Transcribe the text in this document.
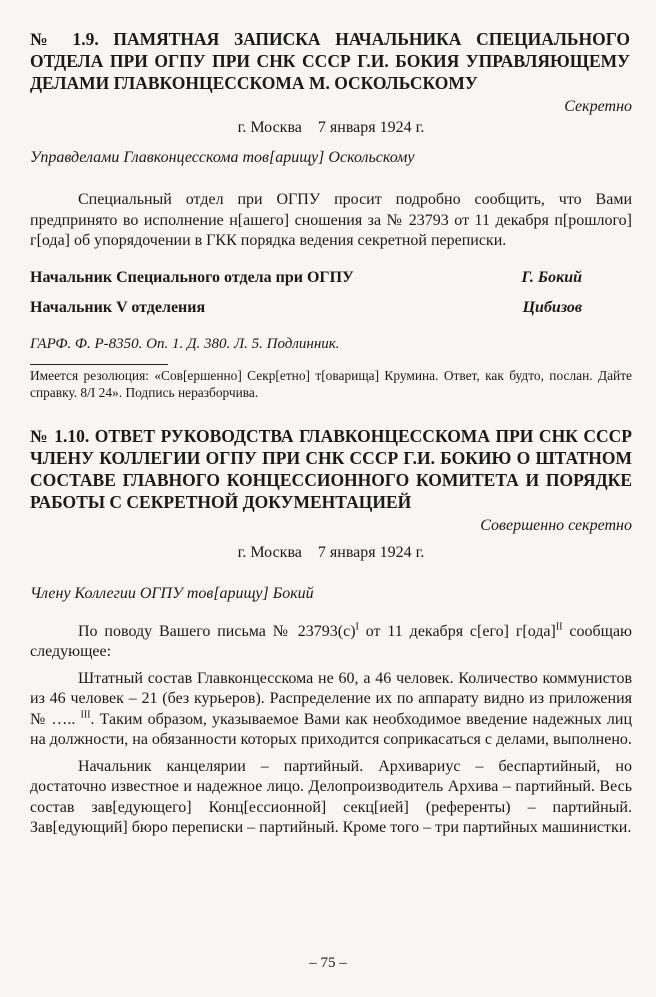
№ 1.9. ПАМЯТНАЯ ЗАПИСКА НАЧАЛЬНИКА СПЕЦИАЛЬНОГО ОТДЕЛА ПРИ ОГПУ ПРИ СНК СССР Г.И. БОКИЯ УПРАВЛЯЮЩЕМУ ДЕЛАМИ ГЛАВКОНЦЕССКОМА М. ОСКОЛЬСКОМУ

Секретно
г. Москва 7 января 1924 г.
Управделами Главконцесскома тов[арищу] Оскольскому

Специальный отдел при ОГПУ просит подробно сообщить, что Вами предпринято во исполнение н[ашего] сношения за № 23793 от 11 декабря п[рошлого] г[ода] об упорядочении в ГКК порядка ведения секретной переписки.

Начальник Специального отдела при ОГПУ	Г. Бокий
Начальник V отделения	Цибизов
ГАРФ. Ф. Р-8350. Оп. 1. Д. 380. Л. 5. Подлинник.
Имеется резолюция: «Сов[ершенно] Секр[етно] т[оварища] Крумина. Ответ, как будто, послан. Дайте справку. 8/I 24». Подпись неразборчива.

№ 1.10. ОТВЕТ РУКОВОДСТВА ГЛАВКОНЦЕССКОМА ПРИ СНК СССР ЧЛЕНУ КОЛЛЕГИИ ОГПУ ПРИ СНК СССР Г.И. БОКИЮ О ШТАТНОМ СОСТАВЕ ГЛАВНОГО КОНЦЕССИОННОГО КОМИТЕТА И ПОРЯДКЕ РАБОТЫ С СЕКРЕТНОЙ ДОКУМЕНТАЦИЕЙ

Совершенно секретно
г. Москва 7 января 1924 г.
Члену Коллегии ОГПУ тов[арищу] Бокий

По поводу Вашего письма № $23793(с)^I$ от 11 декабря с[его] г[ода]$^{II}$ сообщаю следующее:

Штатный состав Главконцесскома не 60, а 46 человек. Количество коммунистов из 46 человек – 21 (без курьеров). Распределение их по аппарату видно из приложения № ….. $^{III}$. Таким образом, указываемое Вами как необходимое введение надежных лиц на должности, на обязанности которых приходится соприкасаться с делами, выполнено.

Начальник канцелярии – партийный. Архивариус – беспартийный, но достаточно известное и надежное лицо. Делопроизводитель Архива – партийный. Весь состав зав[едующего] Конц[ессионной] секц[ией] (референты) – партийный. Зав[едующий] бюро переписки – партийный. Кроме того – три партийных машинистки.

– 75 –
